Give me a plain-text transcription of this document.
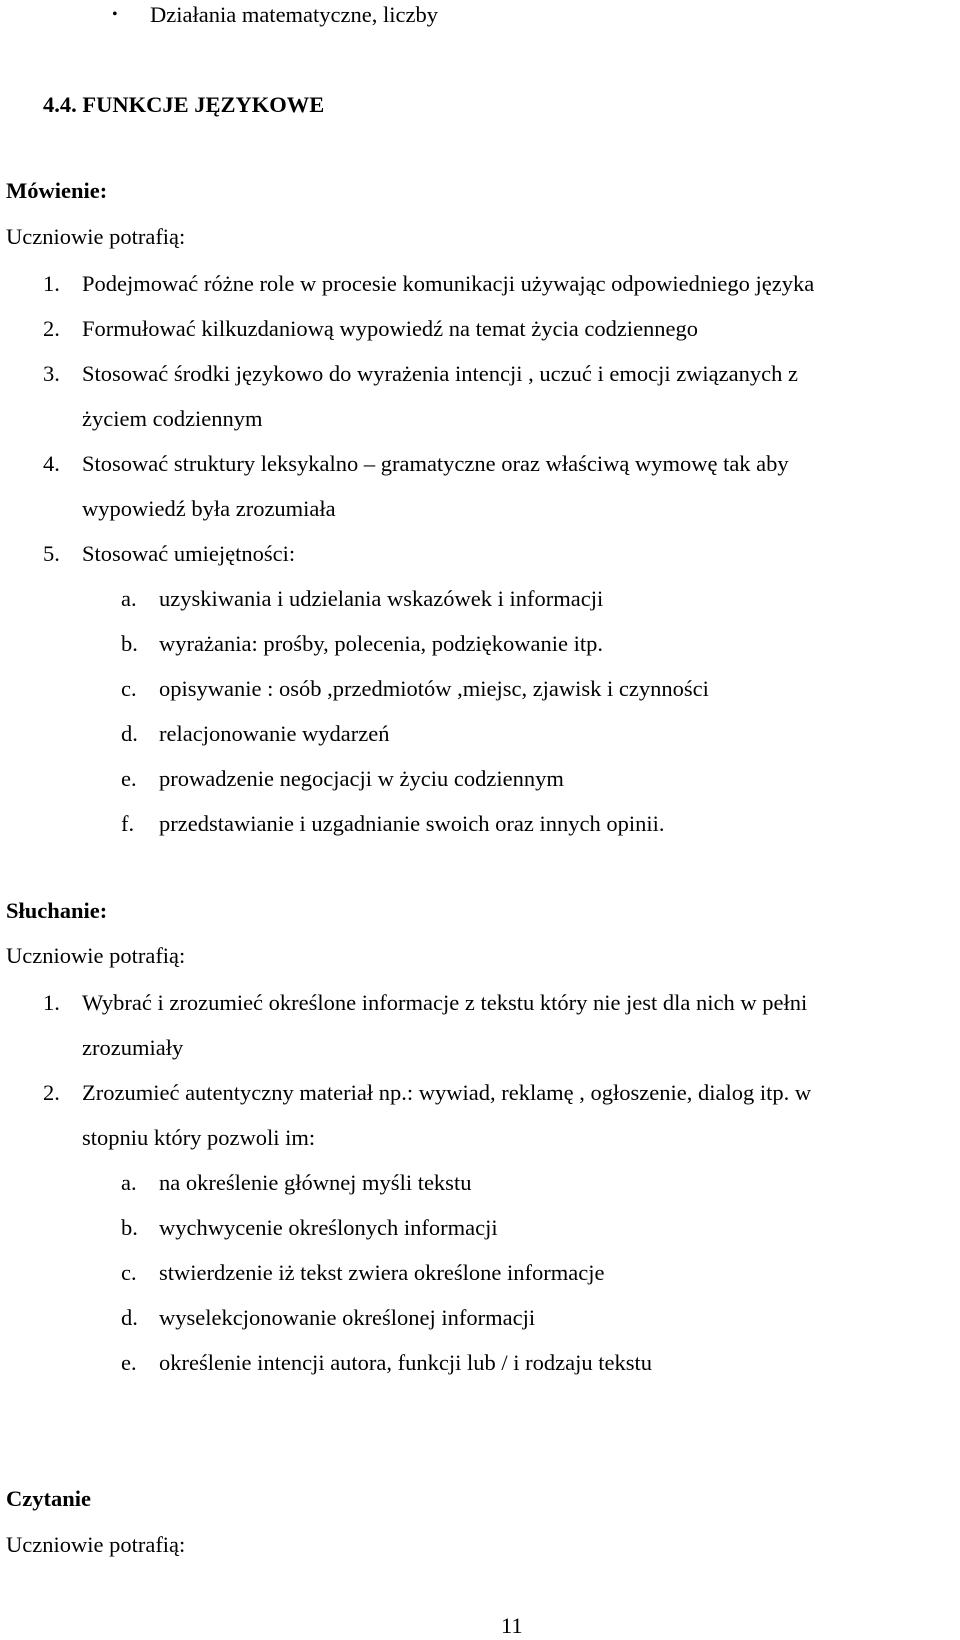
• Działania matematyczne, liczby
4.4. FUNKCJE JĘZYKOWE
Mówienie:
Uczniowie potrafią:
1. Podejmować różne role w procesie komunikacji używając odpowiedniego języka
2. Formułować kilkuzdaniową wypowiedź na temat życia codziennego
3. Stosować środki językowo do wyrażenia intencji , uczuć i emocji związanych z
życiem codziennym
4. Stosować struktury leksykalno – gramatyczne oraz właściwą wymowę tak aby
wypowiedź była zrozumiała
5. Stosować umiejętności:
a. uzyskiwania i udzielania wskazówek i informacji
b. wyrażania: prośby, polecenia, podziękowanie itp.
c. opisywanie : osób ,przedmiotów ,miejsc, zjawisk i czynności
d. relacjonowanie wydarzeń
e. prowadzenie negocjacji w życiu codziennym
f. przedstawianie i uzgadnianie swoich oraz innych opinii.
Słuchanie:
Uczniowie potrafią:
1. Wybrać i zrozumieć określone informacje z tekstu który nie jest dla nich w pełni
zrozumiały
2. Zrozumieć autentyczny materiał np.: wywiad, reklamę , ogłoszenie, dialog itp. w
stopniu który pozwoli im:
a. na określenie głównej myśli tekstu
b. wychwycenie określonych informacji
c. stwierdzenie iż tekst zwiera określone informacje
d. wyselekcjonowanie określonej informacji
e. określenie intencji autora, funkcji lub / i rodzaju tekstu
Czytanie
Uczniowie potrafią:
11
